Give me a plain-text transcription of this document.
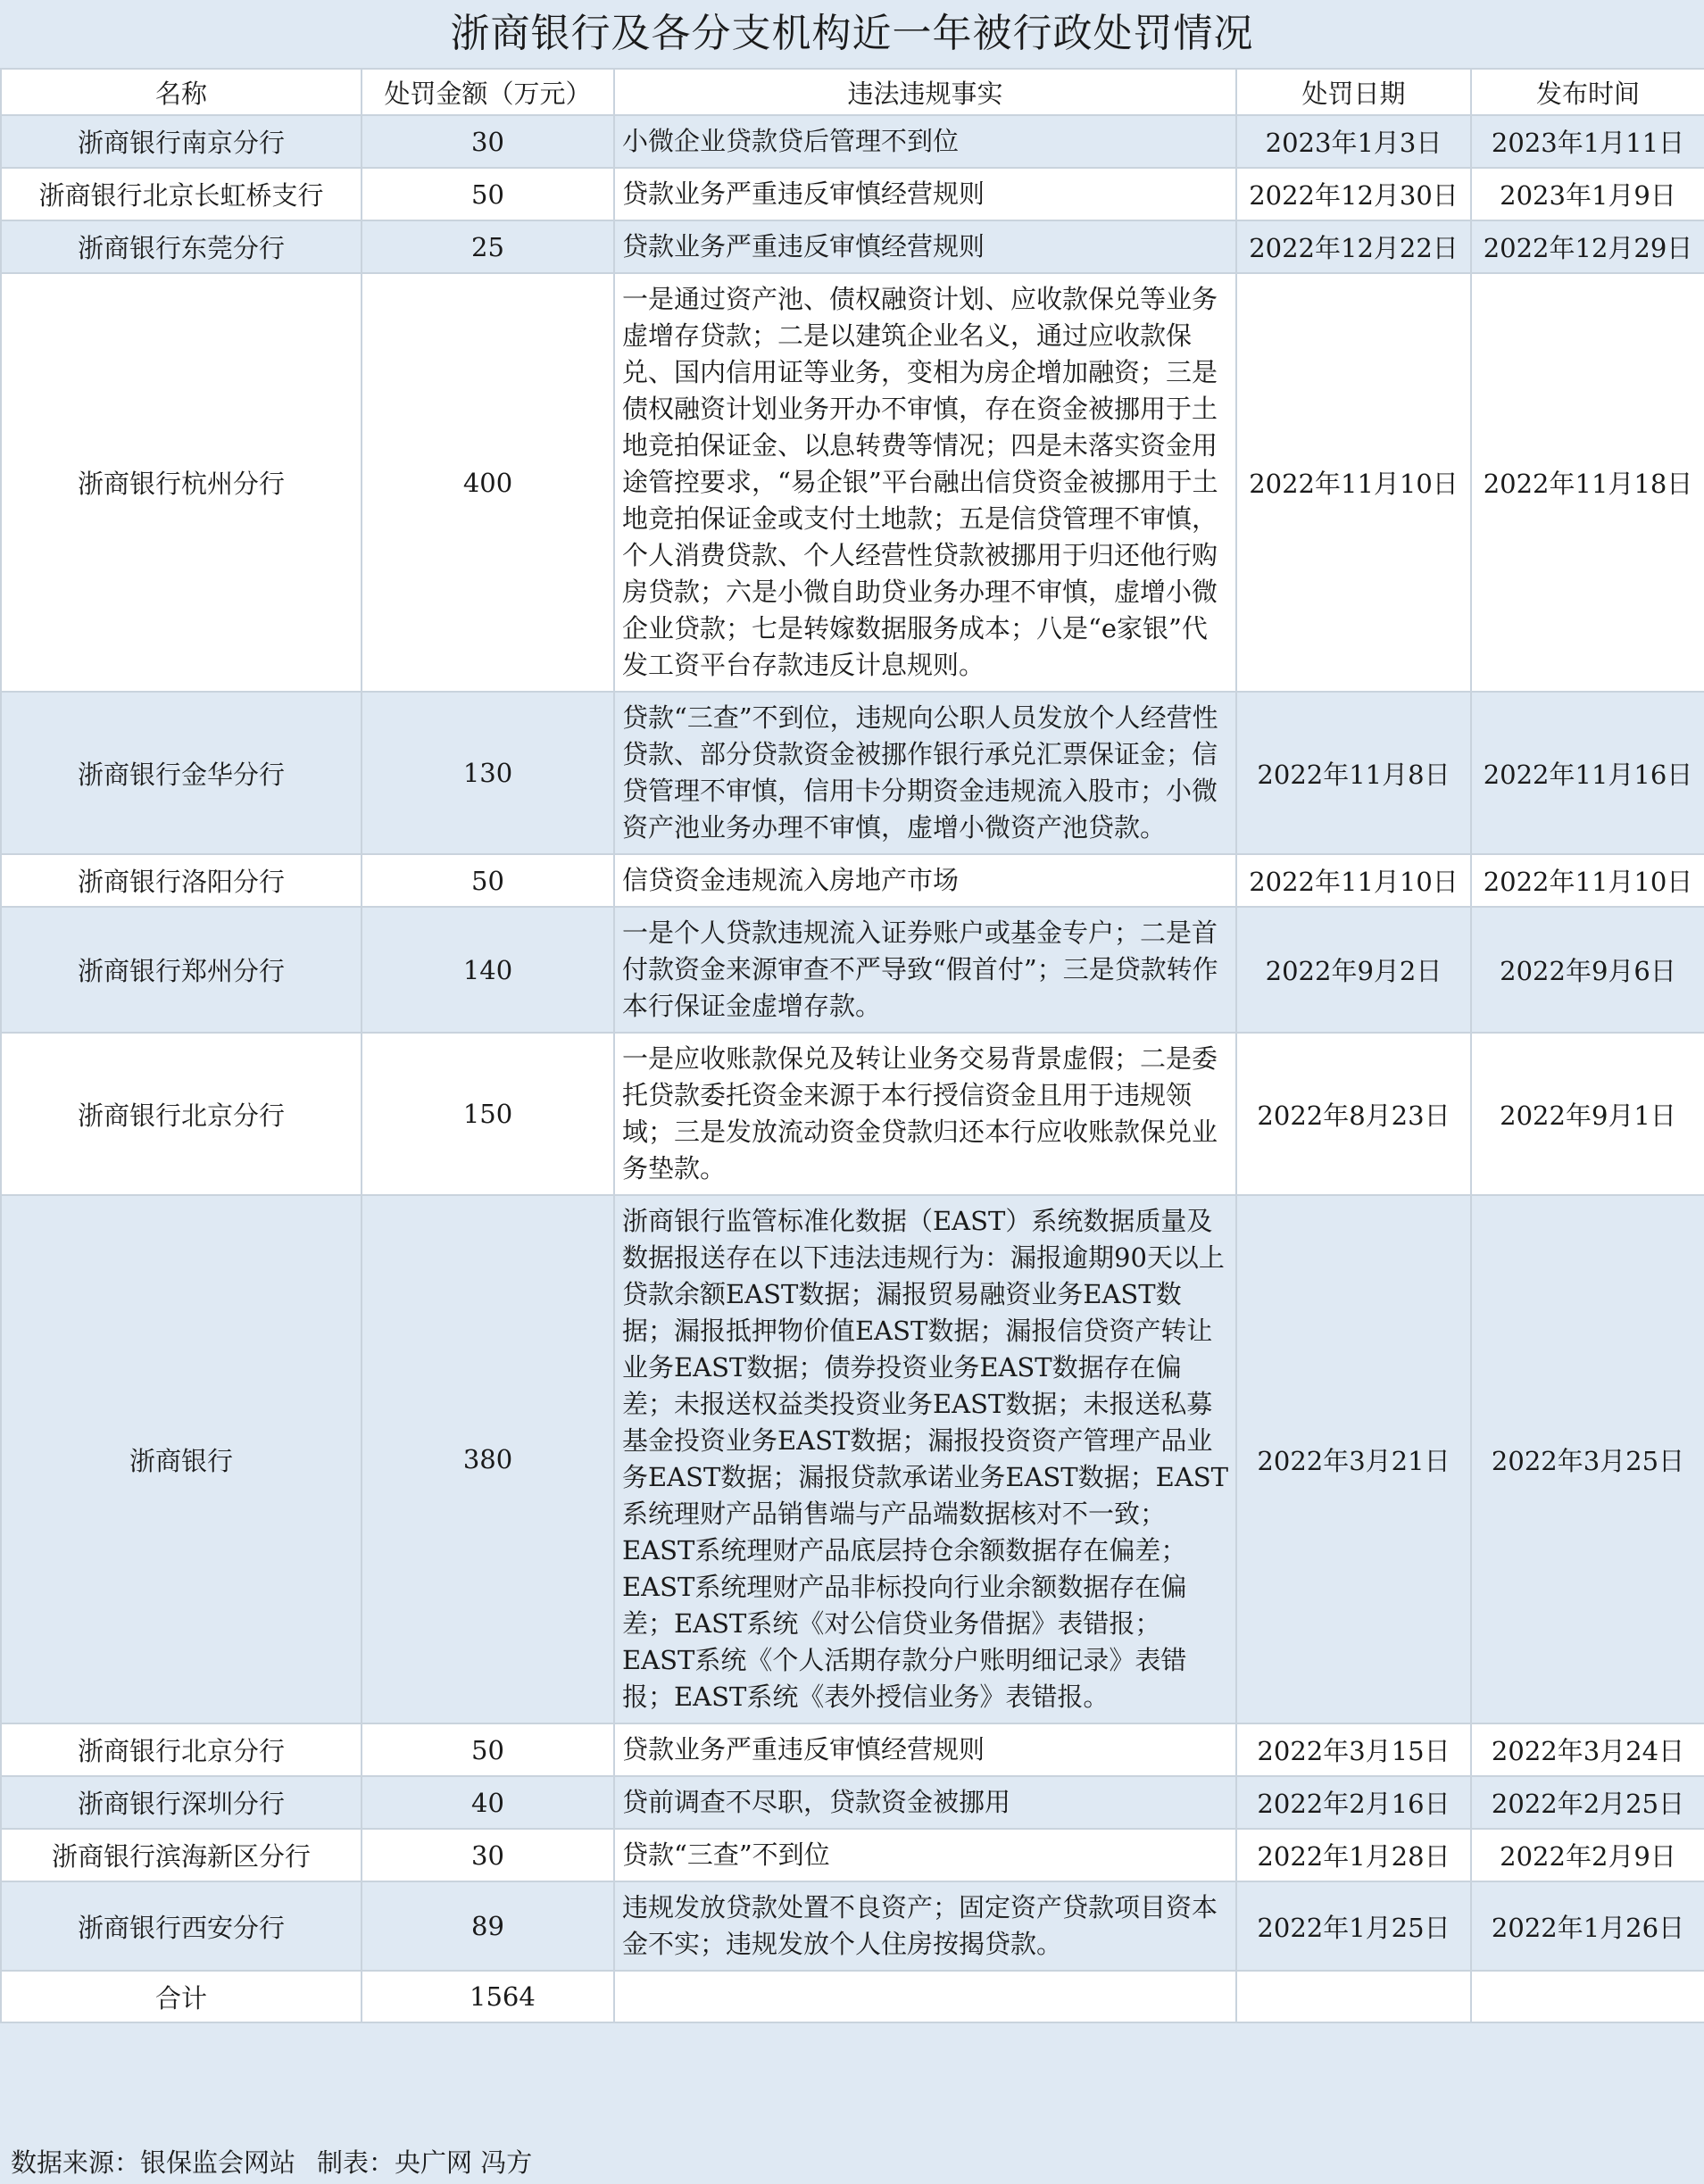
浙商银行及各分支机构近一年被行政处罚情况
名称	处罚金额（万元）	违法违规事实	处罚日期	发布时间
浙商银行南京分行	30	小微企业贷款贷后管理不到位	2023年1月3日	2023年1月11日
浙商银行北京长虹桥支行	50	贷款业务严重违反审慎经营规则	2022年12月30日	2023年1月9日
浙商银行东莞分行	25	贷款业务严重违反审慎经营规则	2022年12月22日	2022年12月29日
浙商银行杭州分行	400	一是通过资产池、债权融资计划、应收款保兑等业务虚增存贷款；二是以建筑企业名义，通过应收款保兑、国内信用证等业务，变相为房企增加融资；三是债权融资计划业务开办不审慎，存在资金被挪用于土地竞拍保证金、以息转费等情况；四是未落实资金用途管控要求，“易企银”平台融出信贷资金被挪用于土地竞拍保证金或支付土地款；五是信贷管理不审慎，个人消费贷款、个人经营性贷款被挪用于归还他行购房贷款；六是小微自助贷业务办理不审慎，虚增小微企业贷款；七是转嫁数据服务成本；八是“e家银”代发工资平台存款违反计息规则。	2022年11月10日	2022年11月18日
浙商银行金华分行	130	贷款“三查”不到位，违规向公职人员发放个人经营性贷款、部分贷款资金被挪作银行承兑汇票保证金；信贷管理不审慎，信用卡分期资金违规流入股市；小微资产池业务办理不审慎，虚增小微资产池贷款。	2022年11月8日	2022年11月16日
浙商银行洛阳分行	50	信贷资金违规流入房地产市场	2022年11月10日	2022年11月10日
浙商银行郑州分行	140	一是个人贷款违规流入证券账户或基金专户；二是首付款资金来源审查不严导致“假首付”；三是贷款转作本行保证金虚增存款。	2022年9月2日	2022年9月6日
浙商银行北京分行	150	一是应收账款保兑及转让业务交易背景虚假；二是委托贷款委托资金来源于本行授信资金且用于违规领域；三是发放流动资金贷款归还本行应收账款保兑业务垫款。	2022年8月23日	2022年9月1日
浙商银行	380	浙商银行监管标准化数据（EAST）系统数据质量及数据报送存在以下违法违规行为：漏报逾期90天以上贷款余额EAST数据；漏报贸易融资业务EAST数据；漏报抵押物价值EAST数据；漏报信贷资产转让业务EAST数据；债券投资业务EAST数据存在偏差；未报送权益类投资业务EAST数据；未报送私募基金投资业务EAST数据；漏报投资资产管理产品业务EAST数据；漏报贷款承诺业务EAST数据；EAST系统理财产品销售端与产品端数据核对不一致；EAST系统理财产品底层持仓余额数据存在偏差；EAST系统理财产品非标投向行业余额数据存在偏差；EAST系统《对公信贷业务借据》表错报；EAST系统《个人活期存款分户账明细记录》表错报；EAST系统《表外授信业务》表错报。	2022年3月21日	2022年3月25日
浙商银行北京分行	50	贷款业务严重违反审慎经营规则	2022年3月15日	2022年3月24日
浙商银行深圳分行	40	贷前调查不尽职，贷款资金被挪用	2022年2月16日	2022年2月25日
浙商银行滨海新区分行	30	贷款“三查”不到位	2022年1月28日	2022年2月9日
浙商银行西安分行	89	违规发放贷款处置不良资产；固定资产贷款项目资本金不实；违规发放个人住房按揭贷款。	2022年1月25日	2022年1月26日
合计	1564			
数据来源：银保监会网站 制表：央广网 冯方
